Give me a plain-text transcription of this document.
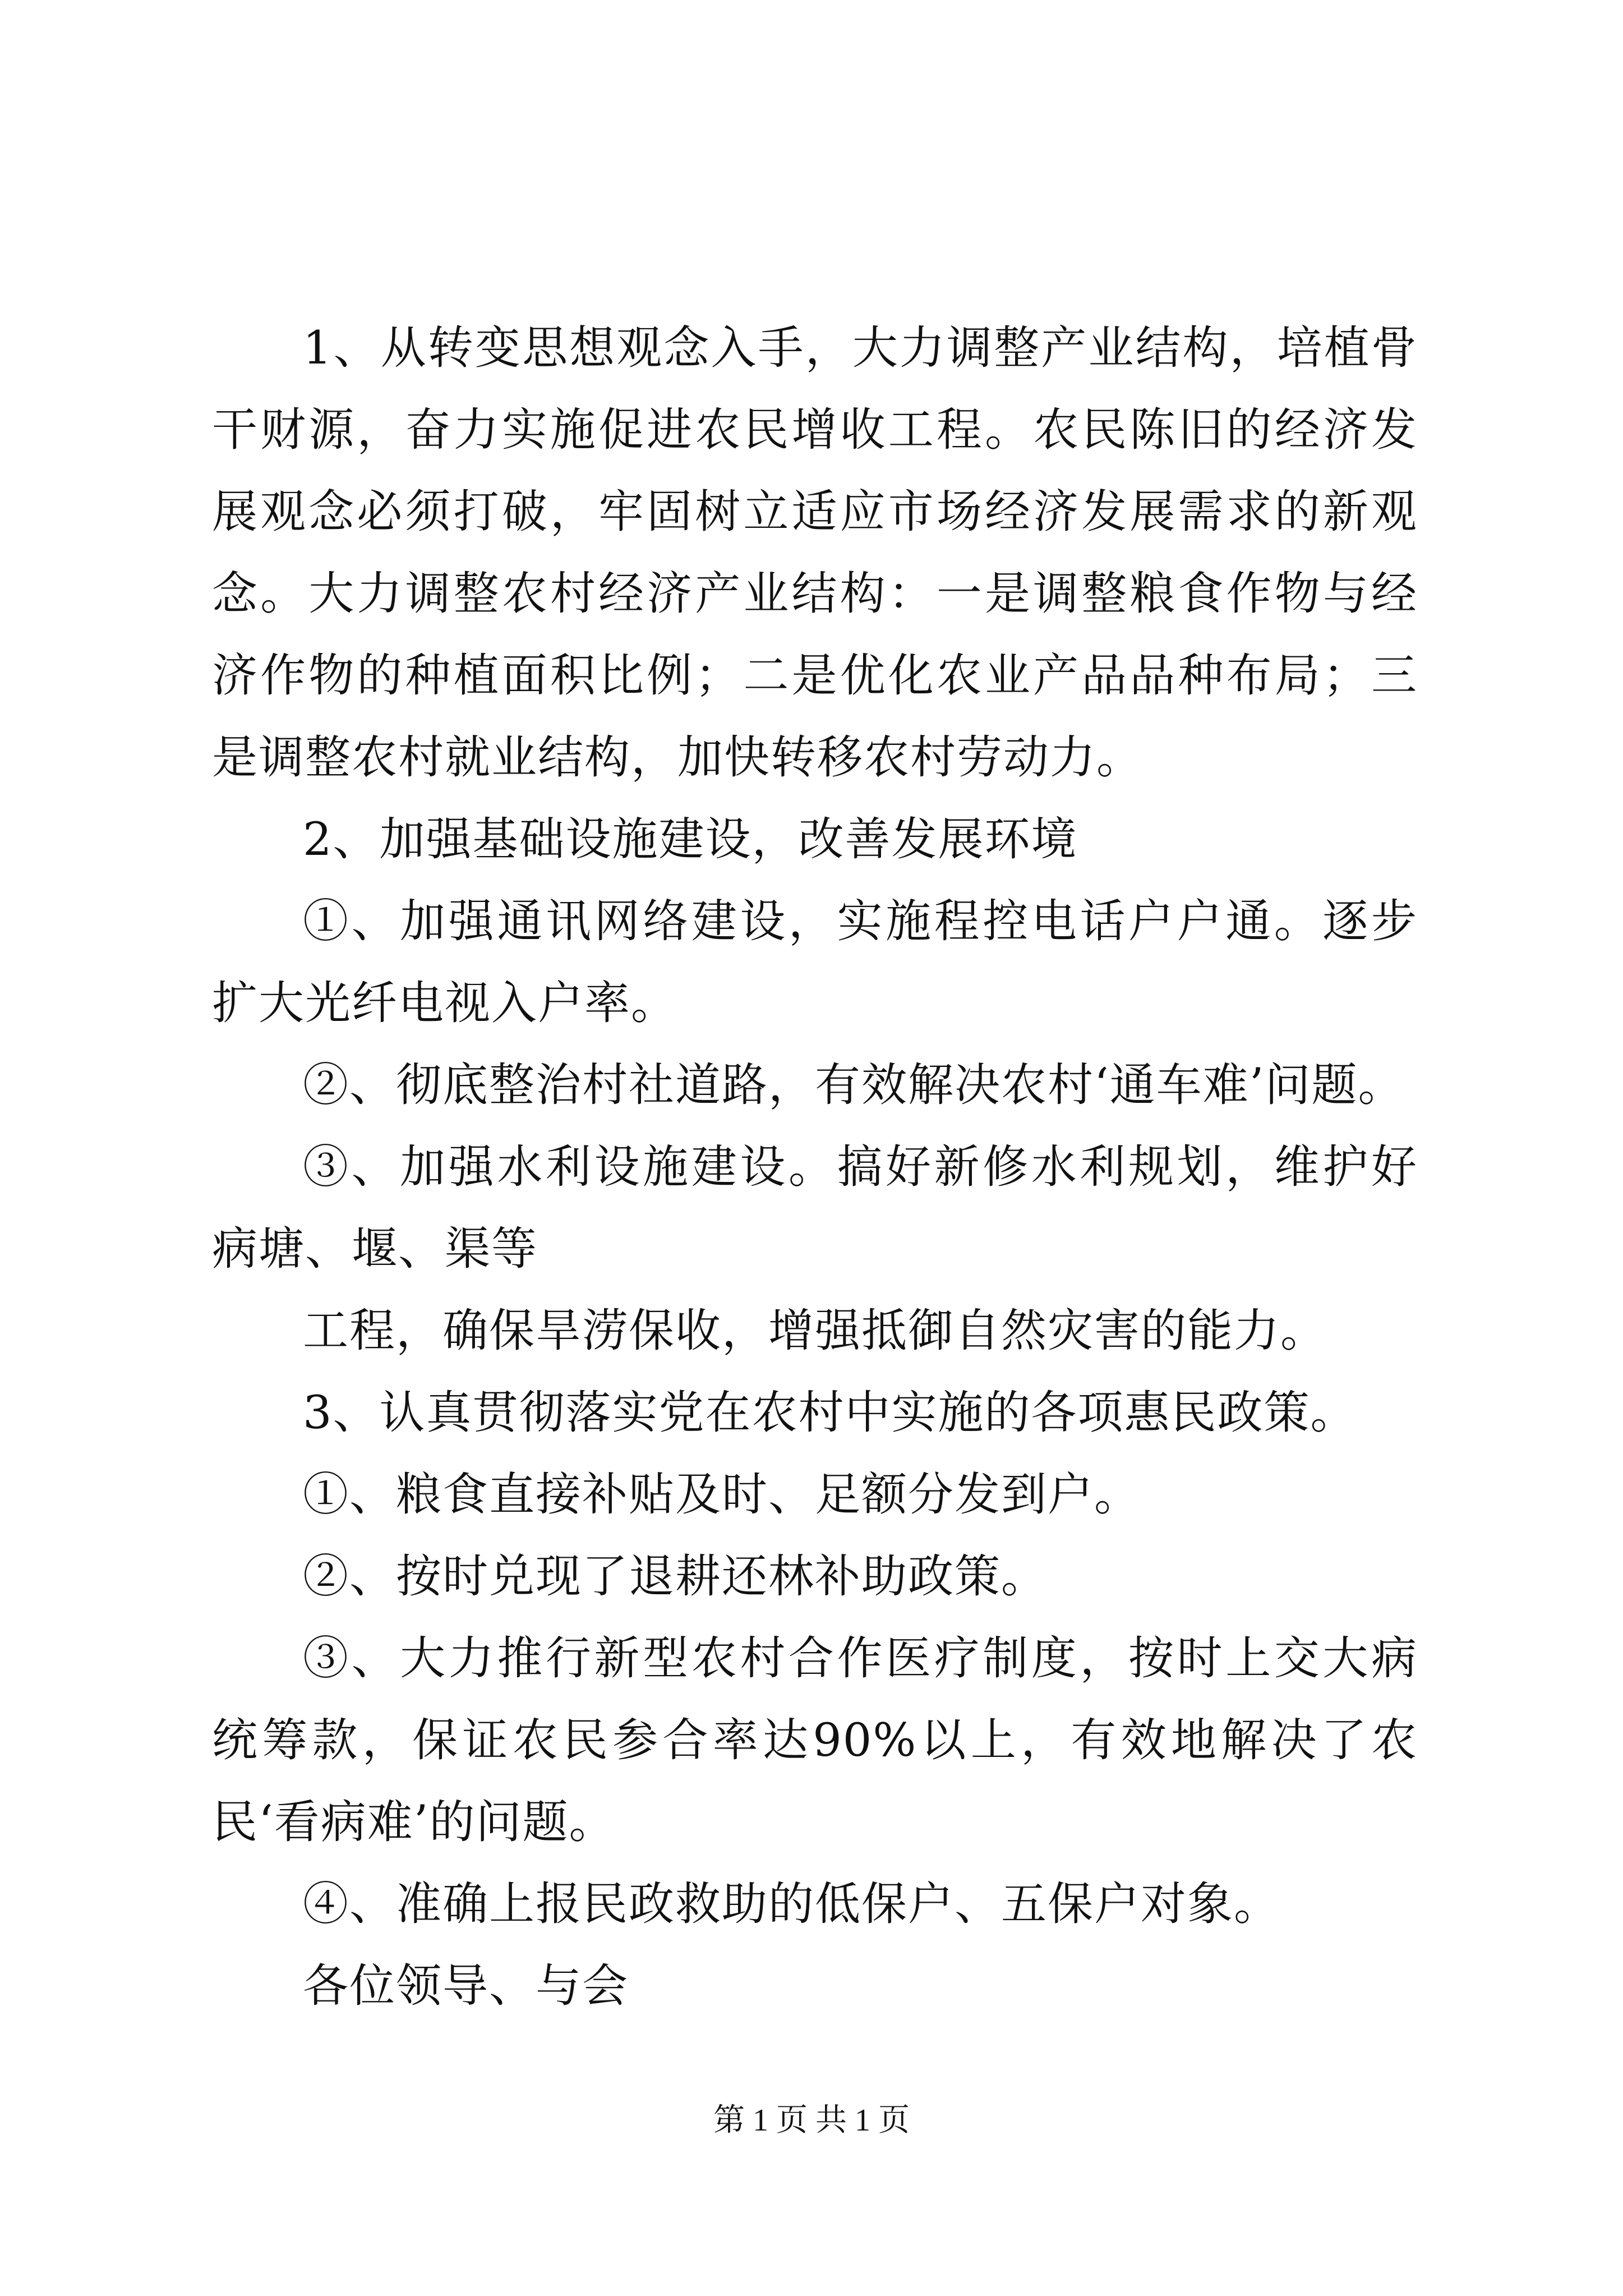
1、从转变思想观念入手，大力调整产业结构，培植骨干财源，奋力实施促进农民增收工程。农民陈旧的经济发展观念必须打破，牢固树立适应市场经济发展需求的新观念。大力调整农村经济产业结构：一是调整粮食作物与经济作物的种植面积比例；二是优化农业产品品种布局；三是调整农村就业结构，加快转移农村劳动力。

2、加强基础设施建设，改善发展环境

①、加强通讯网络建设，实施程控电话户户通。逐步扩大光纤电视入户率。

②、彻底整治村社道路，有效解决农村‘通车难’问题。

③、加强水利设施建设。搞好新修水利规划，维护好病塘、堰、渠等

工程，确保旱涝保收，增强抵御自然灾害的能力。

3、认真贯彻落实党在农村中实施的各项惠民政策。

①、粮食直接补贴及时、足额分发到户。

②、按时兑现了退耕还林补助政策。

③、大力推行新型农村合作医疗制度，按时上交大病统筹款，保证农民参合率达90%以上，有效地解决了农民‘看病难’的问题。

④、准确上报民政救助的低保户、五保户对象。

各位领导、与会

第 1 页 共 1 页
